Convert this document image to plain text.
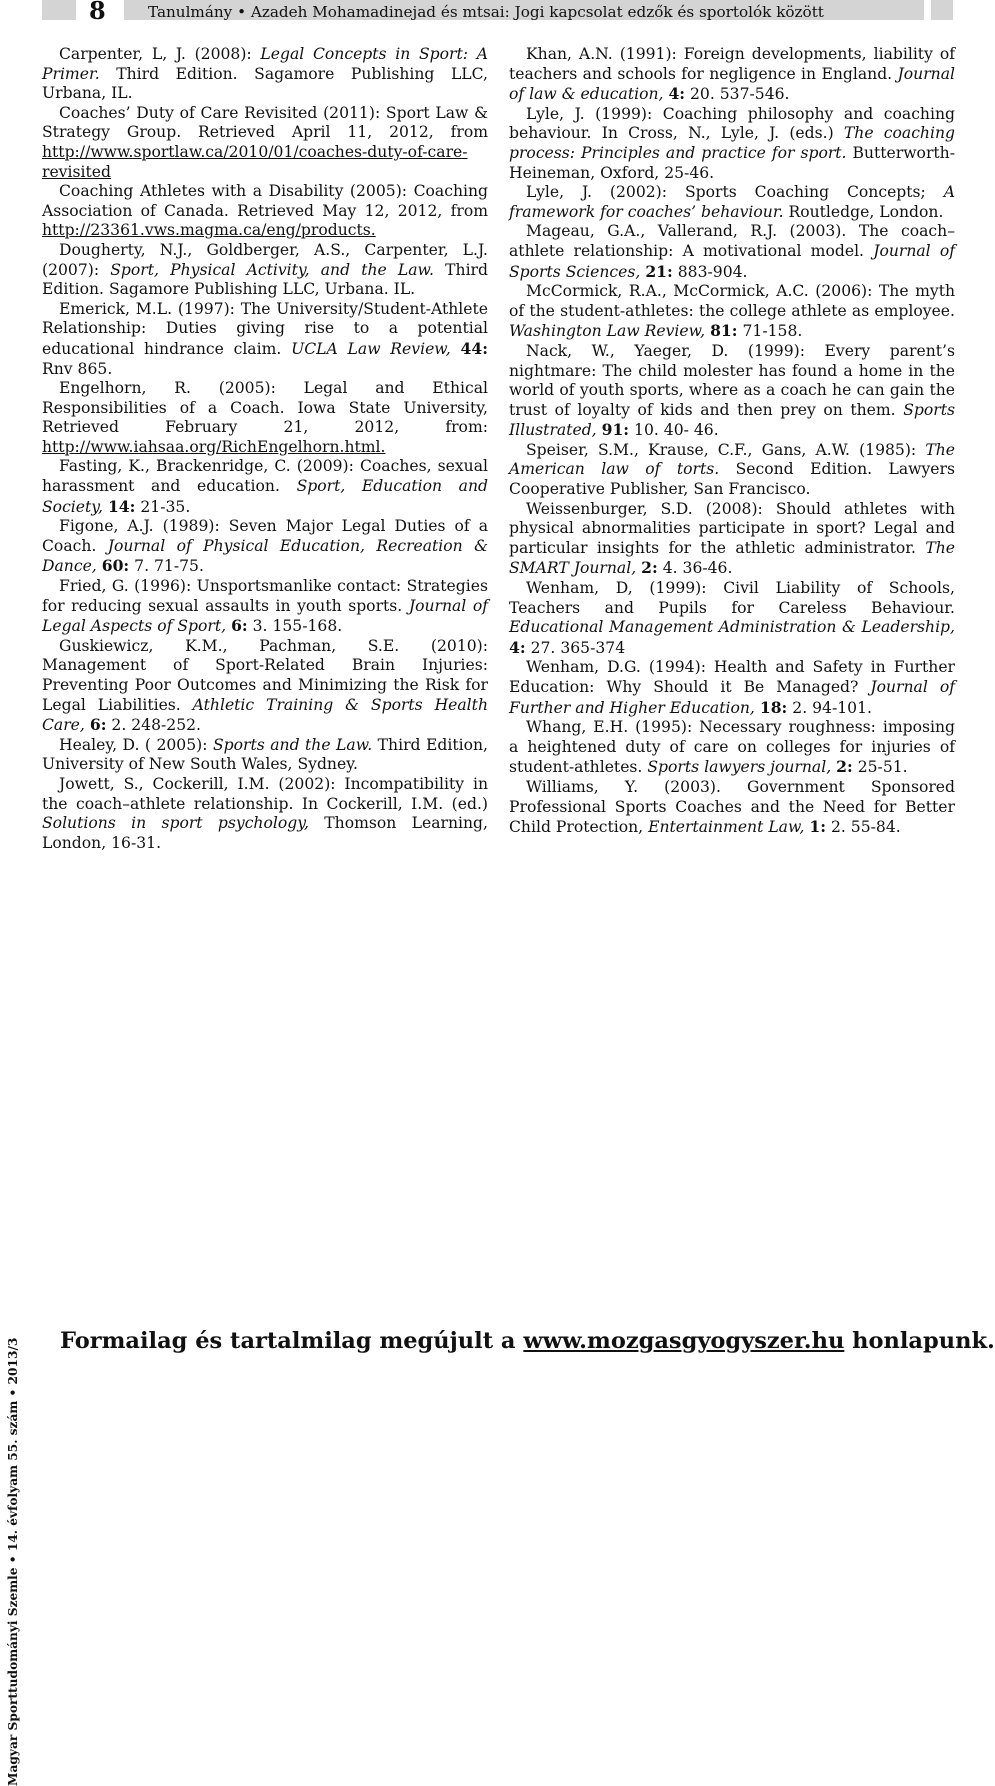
8	Tanulmány • Azadeh Mohamadinejad és mtsai: Jogi kapcsolat edzők és sportolók között

Carpenter, L, J. (2008): Legal Concepts in Sport: A Primer. Third Edition. Sagamore Publishing LLC, Urbana, IL.

Coaches’ Duty of Care Revisited (2011): Sport Law & Strategy Group. Retrieved April 11, 2012, from http://www.sportlaw.ca/2010/01/coaches-duty-of-care-revisited

Coaching Athletes with a Disability (2005): Coaching Association of Canada. Retrieved May 12, 2012, from http://23361.vws.magma.ca/eng/products.

Dougherty, N.J., Goldberger, A.S., Carpenter, L.J. (2007): Sport, Physical Activity, and the Law. Third Edition. Sagamore Publishing LLC, Urbana. IL.

Emerick, M.L. (1997): The University/Student-Athlete Relationship: Duties giving rise to a potential educational hindrance claim. UCLA Law Review, 44: Rnv 865.

Engelhorn, R. (2005): Legal and Ethical Responsibilities of a Coach. Iowa State University, Retrieved February 21, 2012, from: http://www.iahsaa.org/RichEngelhorn.html.

Fasting, K., Brackenridge, C. (2009): Coaches, sexual harassment and education. Sport, Education and Society, 14: 21-35.

Figone, A.J. (1989): Seven Major Legal Duties of a Coach. Journal of Physical Education, Recreation & Dance, 60: 7. 71-75.

Fried, G. (1996): Unsportsmanlike contact: Strategies for reducing sexual assaults in youth sports. Journal of Legal Aspects of Sport, 6: 3. 155-168.

Guskiewicz, K.M., Pachman, S.E. (2010): Management of Sport-Related Brain Injuries: Preventing Poor Outcomes and Minimizing the Risk for Legal Liabilities. Athletic Training & Sports Health Care, 6: 2. 248-252.

Healey, D. ( 2005): Sports and the Law. Third Edition, University of New South Wales, Sydney.

Jowett, S., Cockerill, I.M. (2002): Incompatibility in the coach–athlete relationship. In Cockerill, I.M. (ed.) Solutions in sport psychology, Thomson Learning, London, 16-31.

Khan, A.N. (1991): Foreign developments, liability of teachers and schools for negligence in England. Journal of law & education, 4: 20. 537-546.

Lyle, J. (1999): Coaching philosophy and coaching behaviour. In Cross, N., Lyle, J. (eds.) The coaching process: Principles and practice for sport. Butterworth-Heineman, Oxford, 25-46.

Lyle, J. (2002): Sports Coaching Concepts; A framework for coaches’ behaviour. Routledge, London.

Mageau, G.A., Vallerand, R.J. (2003). The coach–athlete relationship: A motivational model. Journal of Sports Sciences, 21: 883-904.

McCormick, R.A., McCormick, A.C. (2006): The myth of the student-athletes: the college athlete as employee. Washington Law Review, 81: 71-158.

Nack, W., Yaeger, D. (1999): Every parent’s nightmare: The child molester has found a home in the world of youth sports, where as a coach he can gain the trust of loyalty of kids and then prey on them. Sports Illustrated, 91: 10. 40- 46.

Speiser, S.M., Krause, C.F., Gans, A.W. (1985): The American law of torts. Second Edition. Lawyers Cooperative Publisher, San Francisco.

Weissenburger, S.D. (2008): Should athletes with physical abnormalities participate in sport? Legal and particular insights for the athletic administrator. The SMART Journal, 2: 4. 36-46.

Wenham, D, (1999): Civil Liability of Schools, Teachers and Pupils for Careless Behaviour. Educational Management Administration & Leadership, 4: 27. 365-374

Wenham, D.G. (1994): Health and Safety in Further Education: Why Should it Be Managed? Journal of Further and Higher Education, 18: 2. 94-101.

Whang, E.H. (1995): Necessary roughness: imposing a heightened duty of care on colleges for injuries of student-athletes. Sports lawyers journal, 2: 25-51.

Williams, Y. (2003). Government Sponsored Professional Sports Coaches and the Need for Better Child Protection, Entertainment Law, 1: 2. 55-84.

Magyar Sporttudományi Szemle • 14. évfolyam 55. szám • 2013/3 Formailag és tartalmilag megújult a www.mozgasgyogyszer.hu honlapunk.
